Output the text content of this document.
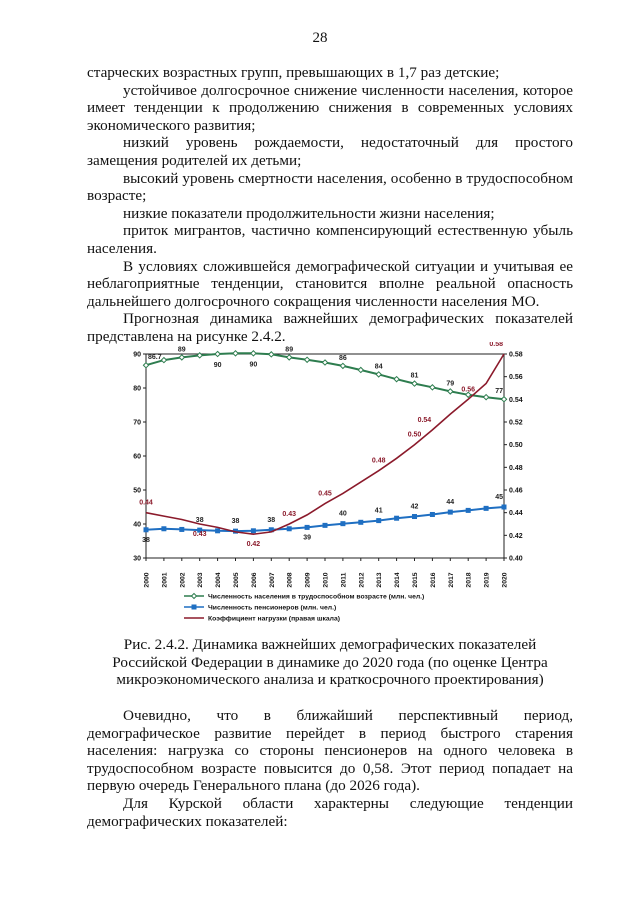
28

старческих возрастных групп, превышающих в 1,7 раз детские;

устойчивое долгосрочное снижение численности населения, которое имеет тенденции к продолжению снижения в современных условиях экономического развития;

низкий уровень рождаемости, недостаточный для простого замещения родителей их детьми;

высокий уровень смертности населения, особенно в трудоспособном возрасте;

низкие показатели продолжительности жизни населения;

приток мигрантов, частично компенсирующий естественную убыль населения.

В условиях сложившейся демографической ситуации и учитывая ее неблагоприятные тенденции, становится вполне реальной опасность дальнейшего долгосрочного сокращения численности населения МО.

Прогнозная динамика важнейших демографических показателей представлена на рисунке 2.4.2.

30
40
50
60
70
80
90
0.40
0.42
0.44
0.46
0.48
0.50
0.52
0.54
0.56
0.58
2000 2001 2002 2003 2004 2005 2006 2007 2008 2009 2010 2011 2012 2013 2014 2015 2016 2017 2018 2019 2020
86.7
89
90	90
89
86
84
81
79
77
38
38	38	38
39
40	41
42
44
45
0.44
0.43
0.42
0.43
0.45
0.48
0.50
0.54
0.56
0.58
Численность населения в трудоспособном возрасте (млн. чел.)
Численность пенсионеров (млн. чел.)
Коэффициент нагрузки (правая шкала)
Рис. 2.4.2. Динамика важнейших демографических показателей Российской Федерации в динамике до 2020 года (по оценке Центра микроэкономического анализа и краткосрочного проектирования)

Очевидно, что в ближайший перспективный период, демографическое развитие перейдет в период быстрого старения населения: нагрузка со стороны пенсионеров на одного человека в трудоспособном возрасте повысится до 0,58. Этот период попадает на первую очередь Генерального плана (до 2026 года).

Для Курской области характерны следующие тенденции демографических показателей:
